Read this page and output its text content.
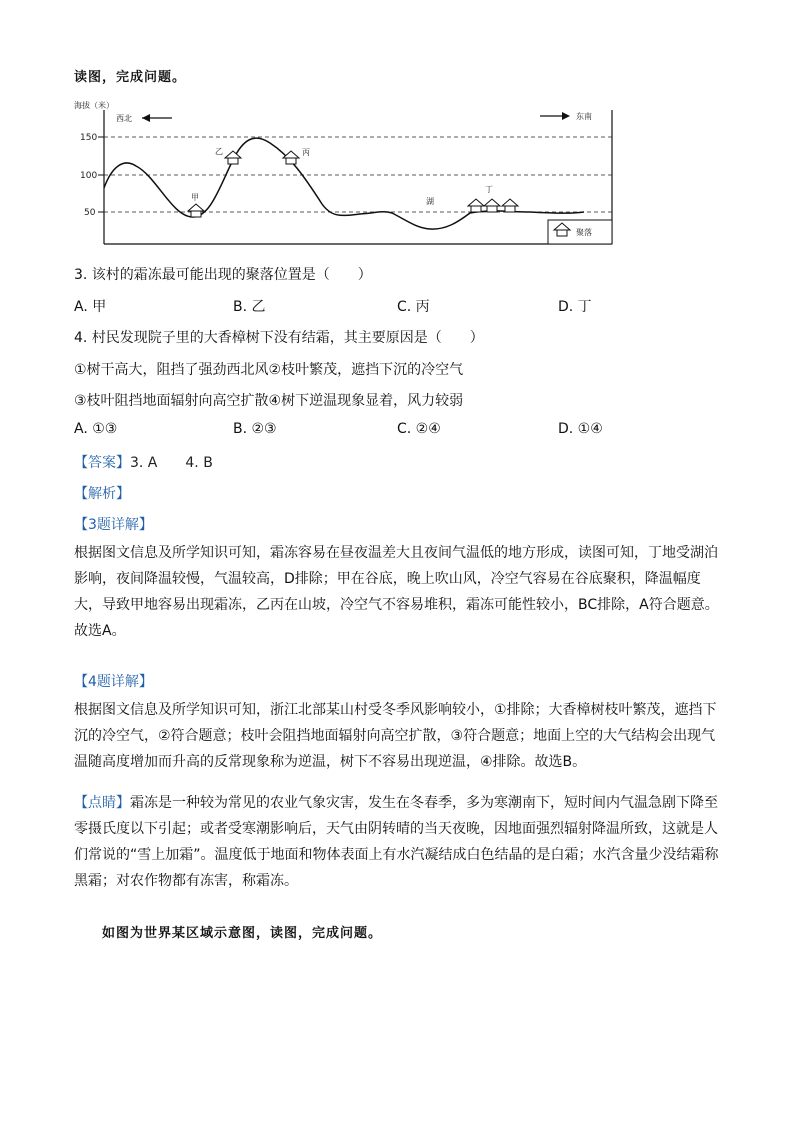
读图，完成问题。
海拔（米）
150
100
50
西北	东南
甲
乙	丙
湖
丁
聚落
3. 该村的霜冻最可能出现的聚落位置是（　　）
A. 甲	B. 乙	C. 丙	D. 丁
4. 村民发现院子里的大香樟树下没有结霜，其主要原因是（　　）
①树干高大，阻挡了强劲西北风②枝叶繁茂，遮挡下沉的冷空气
③枝叶阻挡地面辐射向高空扩散④树下逆温现象显着，风力较弱
A. ①③	B. ②③	C. ②④	D. ①④
【答案】3. A　　4. B
【解析】
【3题详解】
根据图文信息及所学知识可知，霜冻容易在昼夜温差大且夜间气温低的地方形成，读图可知，丁地受湖泊影响，夜间降温较慢，气温较高，D排除；甲在谷底，晚上吹山风，冷空气容易在谷底聚积，降温幅度大，导致甲地容易出现霜冻，乙丙在山坡，冷空气不容易堆积，霜冻可能性较小，BC排除，A符合题意。故选A。
【4题详解】
根据图文信息及所学知识可知，浙江北部某山村受冬季风影响较小，①排除；大香樟树枝叶繁茂，遮挡下沉的冷空气，②符合题意；枝叶会阻挡地面辐射向高空扩散，③符合题意；地面上空的大气结构会出现气温随高度增加而升高的反常现象称为逆温，树下不容易出现逆温，④排除。故选B。
【点睛】霜冻是一种较为常见的农业气象灾害，发生在冬春季，多为寒潮南下，短时间内气温急剧下降至零摄氏度以下引起；或者受寒潮影响后，天气由阴转晴的当天夜晚，因地面强烈辐射降温所致，这就是人们常说的“雪上加霜”。温度低于地面和物体表面上有水汽凝结成白色结晶的是白霜；水汽含量少没结霜称黑霜；对农作物都有冻害，称霜冻。
如图为世界某区域示意图，读图，完成问题。
